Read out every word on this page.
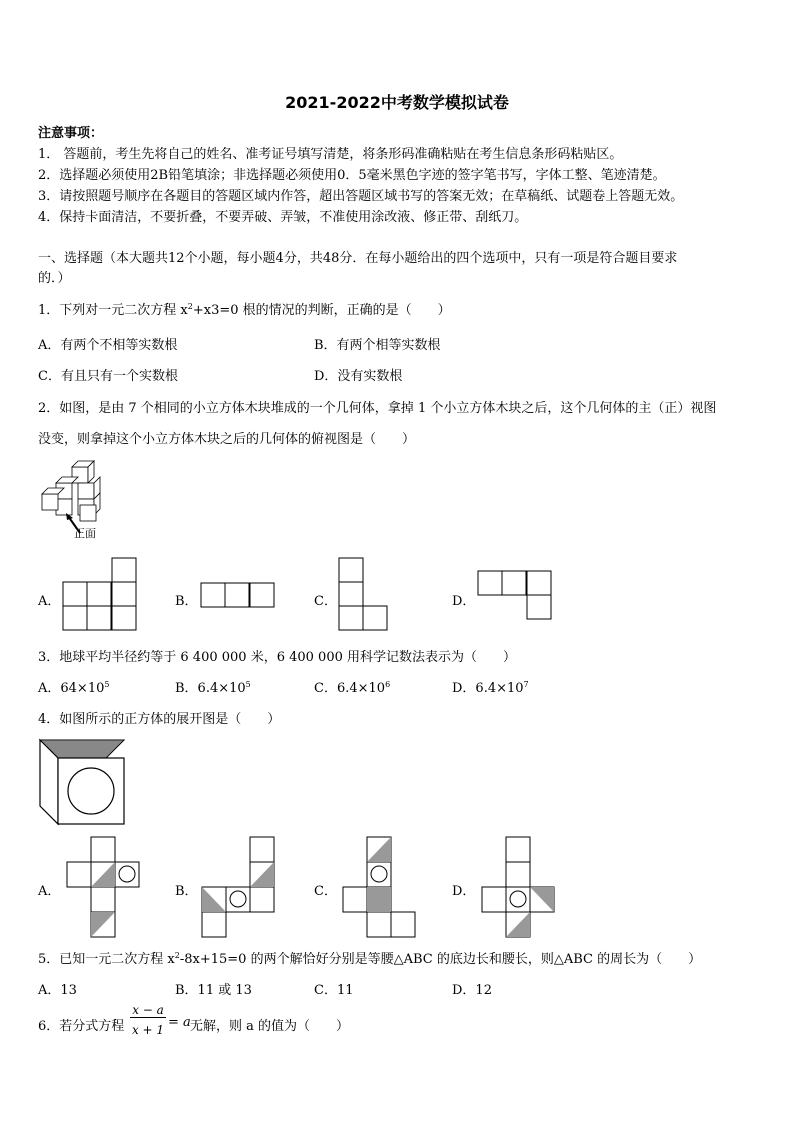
2021-2022中考数学模拟试卷
注意事项：
1． 答题前，考生先将自己的姓名、准考证号填写清楚，将条形码准确粘贴在考生信息条形码粘贴区。
2．选择题必须使用2B铅笔填涂；非选择题必须使用0．5毫米黑色字迹的签字笔书写，字体工整、笔迹清楚。
3．请按照题号顺序在各题目的答题区域内作答，超出答题区域书写的答案无效；在草稿纸、试题卷上答题无效。
4．保持卡面清洁，不要折叠，不要弄破、弄皱，不准使用涂改液、修正带、刮纸刀。
一、选择题（本大题共12个小题，每小题4分，共48分．在每小题给出的四个选项中，只有一项是符合题目要求
的．）
1．下列对一元二次方程 $x^2+x3=0$ 根的情况的判断，正确的是（　　）
A．有两个不相等实数根	B．有两个相等实数根
C．有且只有一个实数根	D．没有实数根
2．如图，是由 7 个相同的小立方体木块堆成的一个几何体，拿掉 1 个小立方体木块之后，这个几何体的主（正）视图
没变，则拿掉这个小立方体木块之后的几何体的俯视图是（　　）
正面
A．	B．	C．	D．
3．地球平均半径约等于 6 400 000 米，6 400 000 用科学记数法表示为（　　）
A．$64\times 10^5$	B．$6.4\times 10^5$	C．$6.4\times 10^6$	D．$6.4\times 10^7$
4．如图所示的正方体的展开图是（　　）
A．	B．	C．	D．
5．已知一元二次方程 $x^2-8x+15=0$ 的两个解恰好分别是等腰△ABC 的底边长和腰长，则△ABC 的周长为（　　）
A．13	B．11 或 13	C．11	D．12
6．若分式方程
x − a
x + 1 = a 无解，则 a 的值为（　　）
